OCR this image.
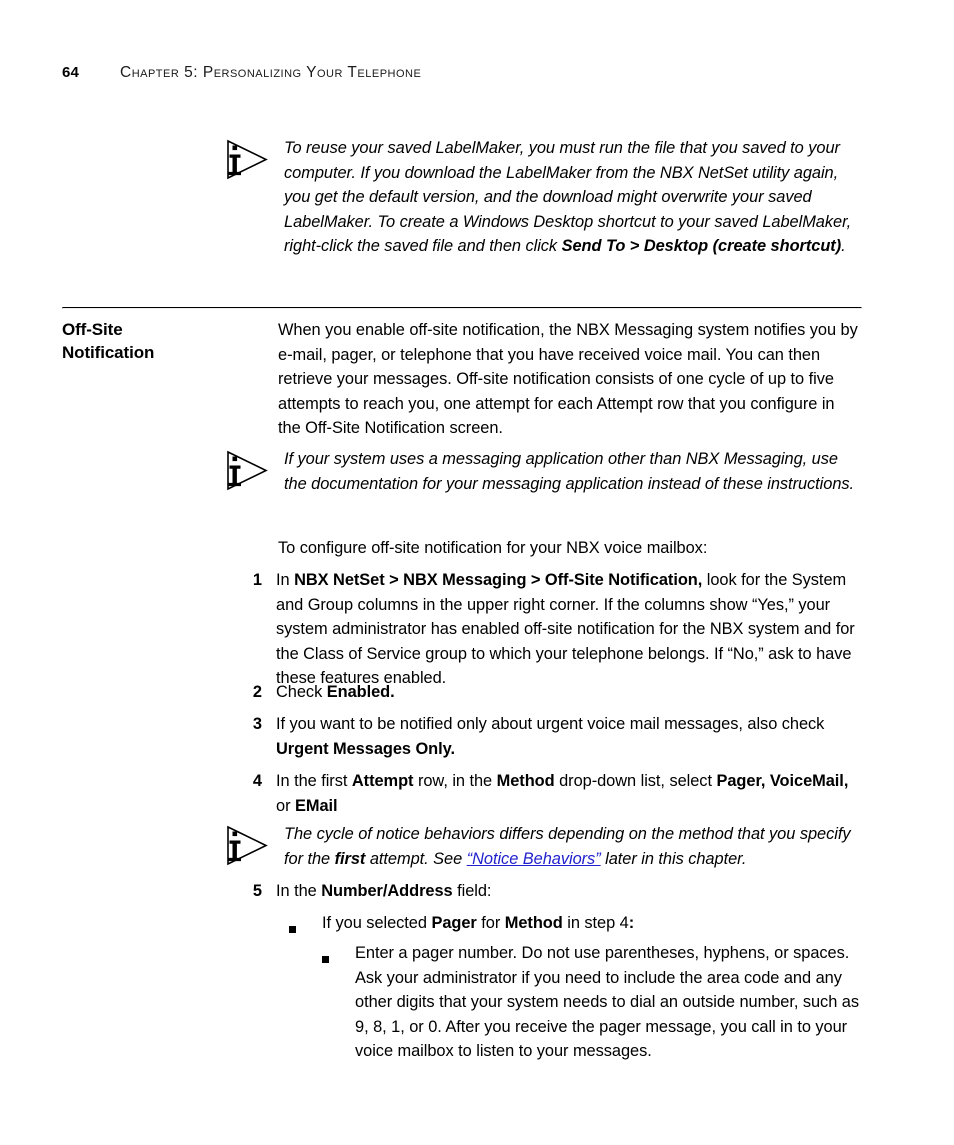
64	Chapter 5: Personalizing Your Telephone
To reuse your saved LabelMaker, you must run the file that you saved to your computer. If you download the LabelMaker from the NBX NetSet utility again, you get the default version, and the download might overwrite your saved LabelMaker. To create a Windows Desktop shortcut to your saved LabelMaker, right-click the saved file and then click Send To > Desktop (create shortcut).
Off-Site
Notification

When you enable off-site notification, the NBX Messaging system notifies you by e-mail, pager, or telephone that you have received voice mail. You can then retrieve your messages. Off-site notification consists of one cycle of up to five attempts to reach you, one attempt for each Attempt row that you configure in the Off-Site Notification screen.

If your system uses a messaging application other than NBX Messaging, use the documentation for your messaging application instead of these instructions.

To configure off-site notification for your NBX voice mailbox:

1 In NBX NetSet > NBX Messaging > Off-Site Notification, look for the System and Group columns in the upper right corner. If the columns show “Yes,” your system administrator has enabled off-site notification for the NBX system and for the Class of Service group to which your telephone belongs. If “No,” ask to have these features enabled.
2 Check Enabled.
3 If you want to be notified only about urgent voice mail messages, also check Urgent Messages Only.
4 In the first Attempt row, in the Method drop-down list, select Pager, VoiceMail, or EMail
The cycle of notice behaviors differs depending on the method that you specify for the first attempt. See “Notice Behaviors” later in this chapter.
5 In the Number/Address field:
If you selected Pager for Method in step 4:
Enter a pager number. Do not use parentheses, hyphens, or spaces. Ask your administrator if you need to include the area code and any other digits that your system needs to dial an outside number, such as 9, 8, 1, or 0. After you receive the pager message, you call in to your voice mailbox to listen to your messages.
